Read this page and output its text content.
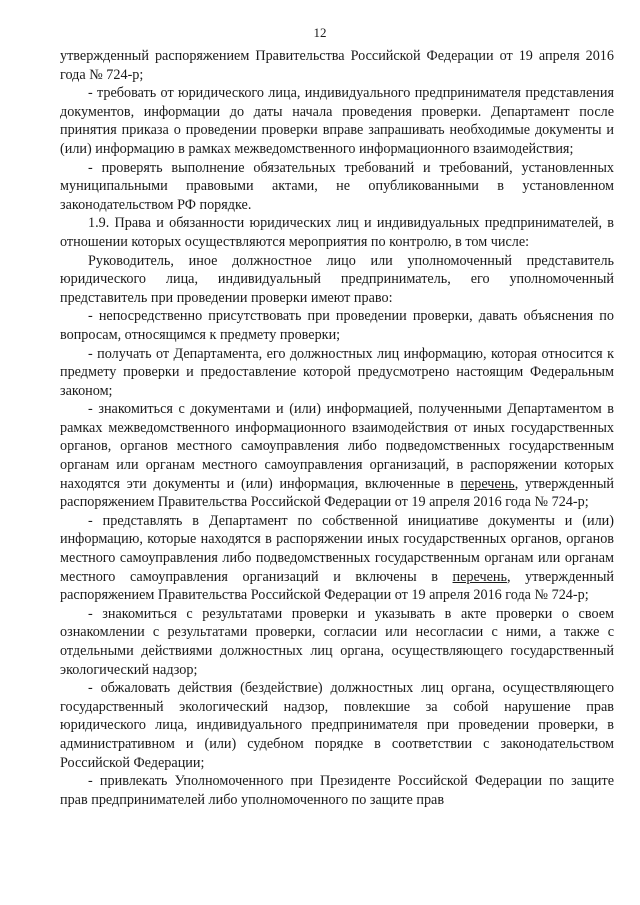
12

утвержденный распоряжением Правительства Российской Федерации от 19 апреля 2016 года № 724-р;

- требовать от юридического лица, индивидуального предпринимателя представления документов, информации до даты начала проведения проверки. Департамент после принятия приказа о проведении проверки вправе запрашивать необходимые документы и (или) информацию в рамках межведомственного информационного взаимодействия;

- проверять выполнение обязательных требований и требований, установленных муниципальными правовыми актами, не опубликованными в установленном законодательством РФ порядке.

1.9. Права и обязанности юридических лиц и индивидуальных предпринимателей, в отношении которых осуществляются мероприятия по контролю, в том числе:

Руководитель, иное должностное лицо или уполномоченный представитель юридического лица, индивидуальный предприниматель, его уполномоченный представитель при проведении проверки имеют право:

- непосредственно присутствовать при проведении проверки, давать объяснения по вопросам, относящимся к предмету проверки;

- получать от Департамента, его должностных лиц информацию, которая относится к предмету проверки и предоставление которой предусмотрено настоящим Федеральным законом;

- знакомиться с документами и (или) информацией, полученными Департаментом в рамках межведомственного информационного взаимодействия от иных государственных органов, органов местного самоуправления либо подведомственных государственным органам или органам местного самоуправления организаций, в распоряжении которых находятся эти документы и (или) информация, включенные в перечень, утвержденный распоряжением Правительства Российской Федерации от 19 апреля 2016 года № 724-р;

- представлять в Департамент по собственной инициативе документы и (или) информацию, которые находятся в распоряжении иных государственных органов, органов местного самоуправления либо подведомственных государственным органам или органам местного самоуправления организаций и включены в перечень, утвержденный распоряжением Правительства Российской Федерации от 19 апреля 2016 года № 724-р;

- знакомиться с результатами проверки и указывать в акте проверки о своем ознакомлении с результатами проверки, согласии или несогласии с ними, а также с отдельными действиями должностных лиц органа, осуществляющего государственный экологический надзор;

- обжаловать действия (бездействие) должностных лиц органа, осуществляющего государственный экологический надзор, повлекшие за собой нарушение прав юридического лица, индивидуального предпринимателя при проведении проверки, в административном и (или) судебном порядке в соответствии с законодательством Российской Федерации;

- привлекать Уполномоченного при Президенте Российской Федерации по защите прав предпринимателей либо уполномоченного по защите прав
